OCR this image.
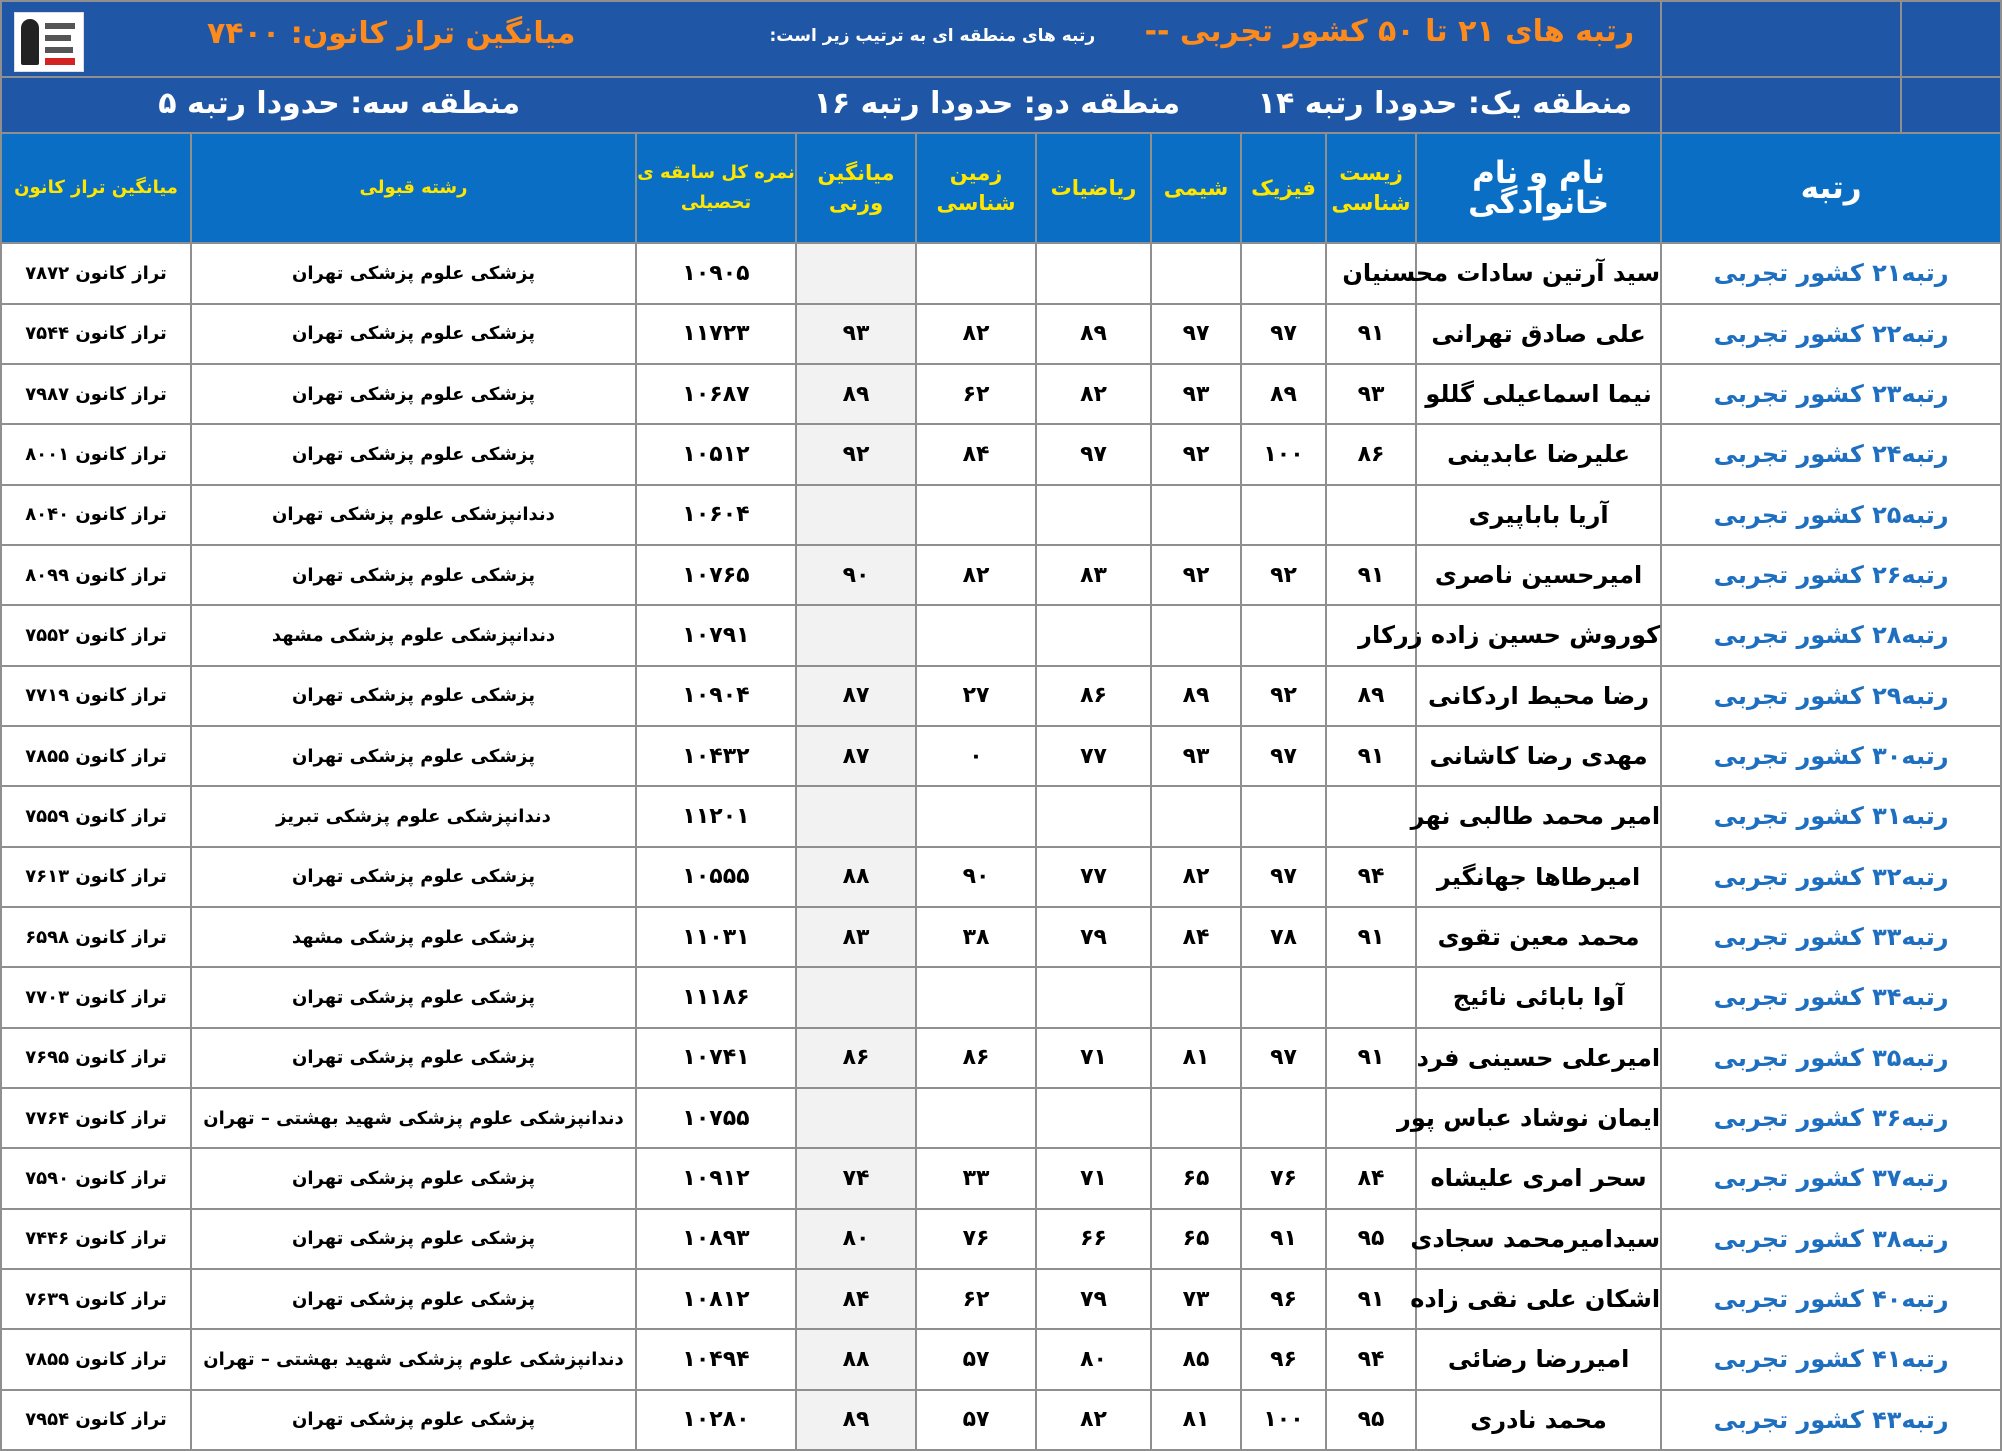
میانگین تراز کانون: ۷۴۰۰ رتبه های منطقه ای به ترتیب زیر است: رتبه های ۲۱ تا ۵۰ کشور تجربی --											

منطقه یک: حدودا رتبه ۱۴
منطقه دو: حدودا رتبه ۱۶
منطقه سه: حدودا رتبه ۵											

میانگین تراز کانون	رشته قبولی	نمره کل سابقه ی تحصیلی	میانگین وزنی	زمین شناسی	ریاضیات	شیمی	فیزیک	زیست شناسی	نام و نام خانوادگی	رتبه	
تراز کانون ۷۸۷۲	پزشکی علوم پزشکی تهران	۱۰۹۰۵							سید آرتین سادات محسنیان	رتبه۲۱ کشور تجربی	
تراز کانون ۷۵۴۴	پزشکی علوم پزشکی تهران	۱۱۷۲۳	۹۳	۸۲	۸۹	۹۷	۹۷	۹۱	علی صادق تهرانی	رتبه۲۲ کشور تجربی	
تراز کانون ۷۹۸۷	پزشکی علوم پزشکی تهران	۱۰۶۸۷	۸۹	۶۲	۸۲	۹۳	۸۹	۹۳	نیما اسماعیلی گللو	رتبه۲۳ کشور تجربی	
تراز کانون ۸۰۰۱	پزشکی علوم پزشکی تهران	۱۰۵۱۲	۹۲	۸۴	۹۷	۹۲	۱۰۰	۸۶	علیرضا عابدینی	رتبه۲۴ کشور تجربی	
تراز کانون ۸۰۴۰	دندانپزشکی علوم پزشکی تهران	۱۰۶۰۴							آریا باباپیری	رتبه۲۵ کشور تجربی	
تراز کانون ۸۰۹۹	پزشکی علوم پزشکی تهران	۱۰۷۶۵	۹۰	۸۲	۸۳	۹۲	۹۲	۹۱	امیرحسین ناصری	رتبه۲۶ کشور تجربی	
تراز کانون ۷۵۵۲	دندانپزشکی علوم پزشکی مشهد	۱۰۷۹۱							کوروش حسین زاده زرکار	رتبه۲۸ کشور تجربی	
تراز کانون ۷۷۱۹	پزشکی علوم پزشکی تهران	۱۰۹۰۴	۸۷	۲۷	۸۶	۸۹	۹۲	۸۹	رضا محیط اردکانی	رتبه۲۹ کشور تجربی	
تراز کانون ۷۸۵۵	پزشکی علوم پزشکی تهران	۱۰۴۳۲	۸۷	۰	۷۷	۹۳	۹۷	۹۱	مهدی رضا کاشانی	رتبه۳۰ کشور تجربی	
تراز کانون ۷۵۵۹	دندانپزشکی علوم پزشکی تبریز	۱۱۲۰۱							امیر محمد طالبی نهر	رتبه۳۱ کشور تجربی	
تراز کانون ۷۶۱۳	پزشکی علوم پزشکی تهران	۱۰۵۵۵	۸۸	۹۰	۷۷	۸۲	۹۷	۹۴	امیرطاها جهانگیر	رتبه۳۲ کشور تجربی	
تراز کانون ۶۵۹۸	پزشکی علوم پزشکی مشهد	۱۱۰۳۱	۸۳	۳۸	۷۹	۸۴	۷۸	۹۱	محمد معین تقوی	رتبه۳۳ کشور تجربی	
تراز کانون ۷۷۰۳	پزشکی علوم پزشکی تهران	۱۱۱۸۶							آوا بابائی نائیج	رتبه۳۴ کشور تجربی	
تراز کانون ۷۶۹۵	پزشکی علوم پزشکی تهران	۱۰۷۴۱	۸۶	۸۶	۷۱	۸۱	۹۷	۹۱	امیرعلی حسینی فرد	رتبه۳۵ کشور تجربی	
تراز کانون ۷۷۶۴	دندانپزشکی علوم پزشکی شهید بهشتی – تهران	۱۰۷۵۵							ایمان نوشاد عباس پور	رتبه۳۶ کشور تجربی	
تراز کانون ۷۵۹۰	پزشکی علوم پزشکی تهران	۱۰۹۱۲	۷۴	۳۳	۷۱	۶۵	۷۶	۸۴	سحر امری علیشاه	رتبه۳۷ کشور تجربی	
تراز کانون ۷۴۴۶	پزشکی علوم پزشکی تهران	۱۰۸۹۳	۸۰	۷۶	۶۶	۶۵	۹۱	۹۵	سیدامیرمحمد سجادی	رتبه۳۸ کشور تجربی	
تراز کانون ۷۶۳۹	پزشکی علوم پزشکی تهران	۱۰۸۱۲	۸۴	۶۲	۷۹	۷۳	۹۶	۹۱	اشکان علی نقی زاده	رتبه۴۰ کشور تجربی	
تراز کانون ۷۸۵۵	دندانپزشکی علوم پزشکی شهید بهشتی – تهران	۱۰۴۹۴	۸۸	۵۷	۸۰	۸۵	۹۶	۹۴	امیررضا رضائی	رتبه۴۱ کشور تجربی	
تراز کانون ۷۹۵۴	پزشکی علوم پزشکی تهران	۱۰۲۸۰	۸۹	۵۷	۸۲	۸۱	۱۰۰	۹۵	محمد نادری	رتبه۴۳ کشور تجربی	
